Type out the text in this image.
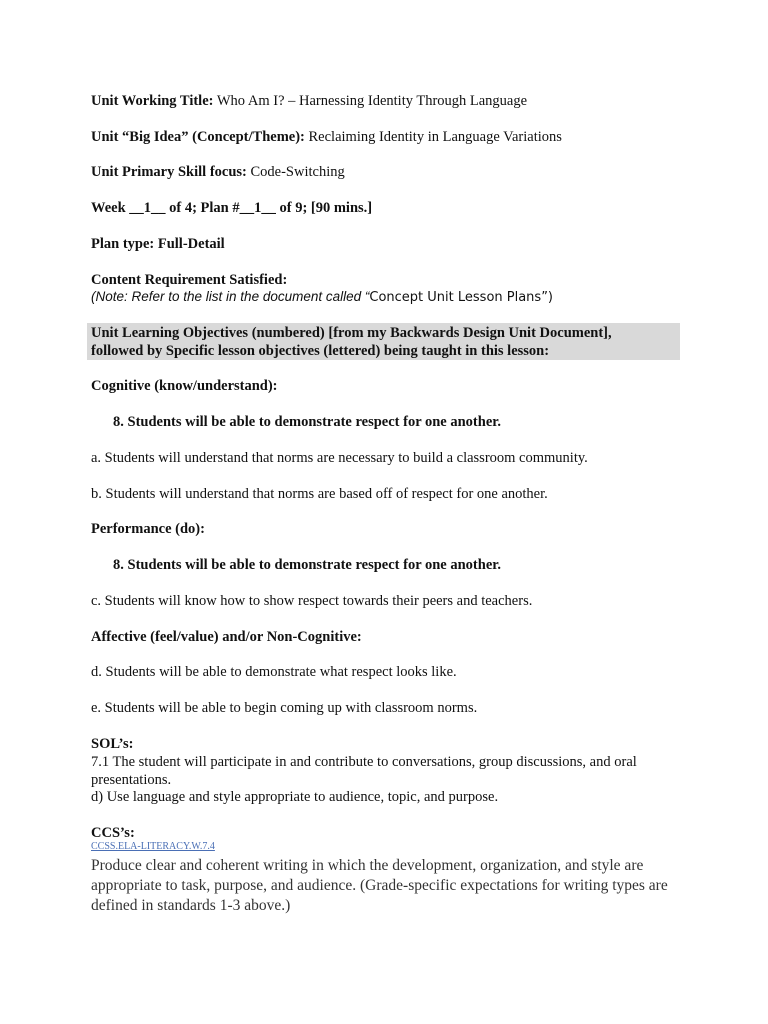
Unit Working Title: Who Am I? – Harnessing Identity Through Language
Unit “Big Idea” (Concept/Theme): Reclaiming Identity in Language Variations
Unit Primary Skill focus: Code-Switching
Week __1__ of 4; Plan #__1__ of 9; [90 mins.]
Plan type: Full-Detail
Content Requirement Satisfied:
(Note: Refer to the list in the document called “Concept Unit Lesson Plans”)
Unit Learning Objectives (numbered) [from my Backwards Design Unit Document],
followed by Specific lesson objectives (lettered) being taught in this lesson:
Cognitive (know/understand):
8. Students will be able to demonstrate respect for one another.
a. Students will understand that norms are necessary to build a classroom community.
b. Students will understand that norms are based off of respect for one another.
Performance (do):
8. Students will be able to demonstrate respect for one another.
c. Students will know how to show respect towards their peers and teachers.
Affective (feel/value) and/or Non-Cognitive:
d. Students will be able to demonstrate what respect looks like.
e. Students will be able to begin coming up with classroom norms.
SOL’s:
7.1 The student will participate in and contribute to conversations, group discussions, and oral presentations.
d) Use language and style appropriate to audience, topic, and purpose.
CCS’s:
CCSS.ELA-LITERACY.W.7.4
Produce clear and coherent writing in which the development, organization, and style are appropriate to task, purpose, and audience. (Grade-specific expectations for writing types are defined in standards 1-3 above.)
